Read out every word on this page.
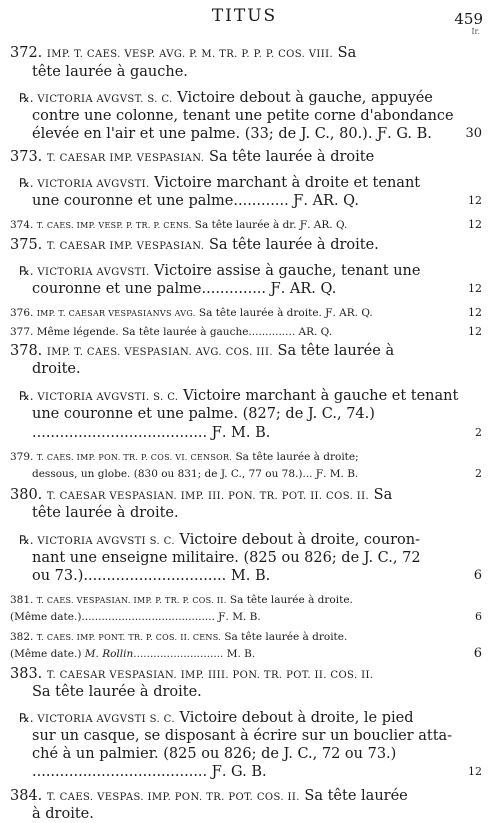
TITUS	459
Ir.
372. IMP. T. CAES. VESP. AVG. P. M. TR. P. P. P. COS. VIII. Sa
tête laurée à gauche.
℞. VICTORIA AVGVST. S. C. Victoire debout à gauche, appuyée
contre une colonne, tenant une petite corne d'abondance
élevée en l'air et une palme. (33; de J. C., 80.). Ƒ. G. B.
373. T. CAESAR IMP. VESPASIAN. Sa tête laurée à droite
℞. VICTORIA AVGVSTI. Victoire marchant à droite et tenant
une couronne et une palme............ Ƒ. AR. Q.
374. T. CAES. IMP. VESP. P. TR. P. CENS. Sa tête laurée à dr. Ƒ. AR. Q.
375. T. CAESAR IMP. VESPASIAN. Sa tête laurée à droite.
℞. VICTORIA AVGVSTI. Victoire assise à gauche, tenant une
couronne et une palme.............. Ƒ. AR. Q.
376. IMP. T. CAESAR VESPASIANVS AVG. Sa tête laurée à droite. Ƒ. AR. Q.
377. Même légende. Sa tête laurée à gauche.............. AR. Q.
378. IMP. T. CAES. VESPASIAN. AVG. COS. III. Sa tête laurée à
droite.
℞. VICTORIA AVGVSTI. S. C. Victoire marchant à gauche et tenant
une couronne et une palme. (827; de J. C., 74.)
...................................... Ƒ. M. B.
379. T. CAES. IMP. PON. TR. P. COS. VI. CENSOR. Sa tête laurée à droite;
dessous, un globe. (830 ou 831; de J. C., 77 ou 78.)... Ƒ. M. B.
380. T. CAESAR VESPASIAN. IMP. III. PON. TR. POT. II. COS. II. Sa
tête laurée à droite.
℞. VICTORIA AVGVSTI S. C. Victoire debout à droite, couron-
nant une enseigne militaire. (825 ou 826; de J. C., 72
ou 73.)............................... M. B.
381. T. CAES. VESPASIAN. IMP. P. TR. P. COS. II. Sa tête laurée à droite.
(Même date.)........................................ Ƒ. M. B.
382. T. CAES. IMP. PONT. TR. P. COS. II. CENS. Sa tête laurée à droite.
(Même date.) M. Rollin........................... M. B.
383. T. CAESAR VESPASIAN. IMP. IIII. PON. TR. POT. II. COS. II.
Sa tête laurée à droite.
℞. VICTORIA AVGVSTI S. C. Victoire debout à droite, le pied
sur un casque, se disposant à écrire sur un bouclier atta-
ché à un palmier. (825 ou 826; de J. C., 72 ou 73.)
...................................... Ƒ. G. B.
384. T. CAES. VESPAS. IMP. PON. TR. POT. COS. II. Sa tête laurée
à droite.
30
12
12
12
12
12
2
2
6
6
6
12
